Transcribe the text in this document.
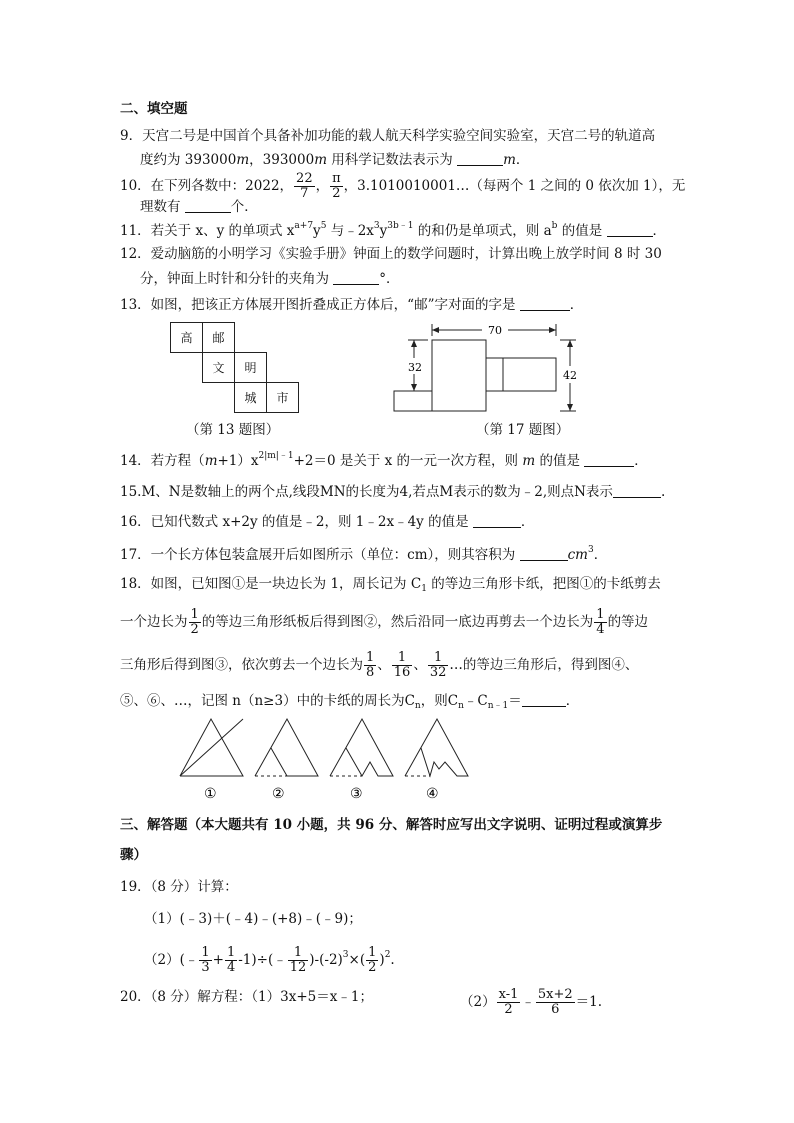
二、填空题
9．天宫二号是中国首个具备补加功能的载人航天科学实验空间实验室，天宫二号的轨道高
度约为 393000m，393000m 用科学记数法表示为	m．
10．在下列各数中：2022， $\frac{22}{7}$ ， $\frac{\pi}{2}$ ，3.1010010001…（每两个 1 之间的 0 依次加 1），无
理数有	个．
11．若关于 x、y 的单项式 $x^{a+7}y^5$ 与$﹣2x^3y^{3b﹣1}$ 的和仍是单项式，则 $a^b$ 的值是	．
12．爱动脑筋的小明学习《实验手册》钟面上的数学问题时，计算出晚上放学时间 8 时 30
分，钟面上时针和分针的夹角为	°．
13．如图，把该正方体展开图折叠成正方体后，“邮”字对面的字是	．
高	邮
文	明
城	市
（第 13 题图）
70
32
42
（第 17 题图）
14．若方程$(m+1)x^{2|m|﹣1}+2=0$ 是关于 x 的一元一次方程，则 m 的值是	．
15.M、N是数轴上的两个点,线段MN的长度为4,若点M表示的数为﹣2,则点N表示	.
16．已知代数式 x+2y 的值是﹣2，则 1﹣2x﹣4y 的值是	．
17．一个长方体包装盒展开后如图所示（单位：cm），则其容积为	$cm^3$．
18．如图，已知图①是一块边长为 1，周长记为 $C_1$ 的等边三角形卡纸，把图①的卡纸剪去
一个边长为 $\frac{1}{2}$ 的等边三角形纸板后得到图②，然后沿同一底边再剪去一个边长为 $\frac{1}{4}$ 的等边
三角形后得到图③，依次剪去一个边长为 $\frac{1}{8}$ 、 $\frac{1}{16}$ 、 $\frac{1}{32}$ …的等边三角形后，得到图④、
⑤、⑥、…，记图 n（n≥3）中的卡纸的周长为$C_n$，则$C_n﹣C_{n﹣1}=$	．
①	②	③	④
三、解答题（本大题共有 10 小题，共 96 分、解答时应写出文字说明、证明过程或演算步
骤）
19．（8 分）计算：
（1）(﹣3)＋(﹣4)﹣(+8)﹣(﹣9)；
（2）(﹣ $\frac{1}{3} + \frac{1}{4}$ -1)÷(﹣ $\frac{1}{12} )-(-2)^3\times( \frac{1}{2} )^2$.
20．（8 分）解方程：（1）3x+5＝x﹣1；	$(2) \frac{x-1}{2}$ ﹣ $\frac{5x+2}{6} =1$.
